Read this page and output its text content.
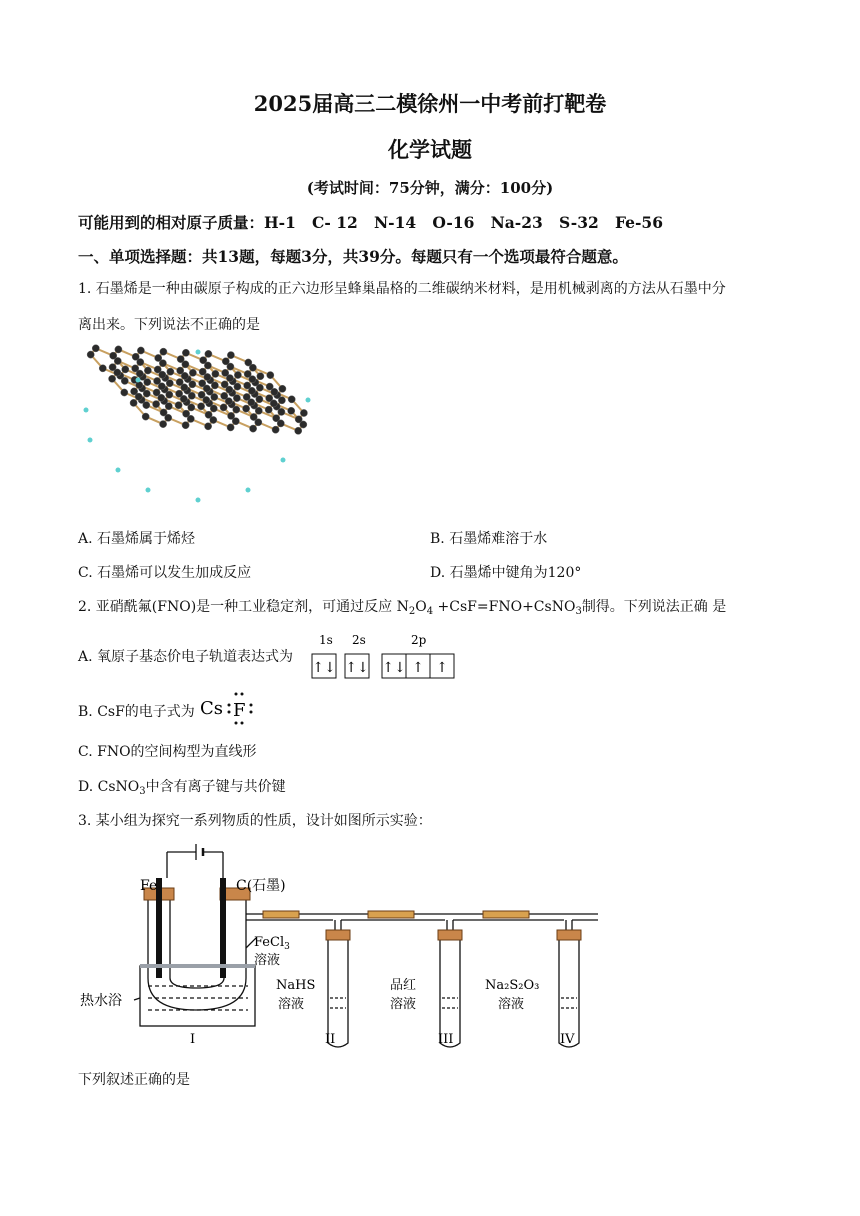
2025届高三二模徐州一中考前打靶卷
化学试题
(考试时间：75分钟，满分：100分)
可能用到的相对原子质量：H-1   C- 12   N-14   O-16   Na-23   S-32   Fe-56
一、单项选择题：共13题，每题3分，共39分。每题只有一个选项最符合题意。
1. 石墨烯是一种由碳原子构成的正六边形呈蜂巢晶格的二维碳纳米材料，是用机械剥离的方法从石墨中分
离出来。下列说法不正确的是
A. 石墨烯属于烯烃	B. 石墨烯难溶于水
C. 石墨烯可以发生加成反应	D. 石墨烯中键角为120°
2. 亚硝酰氟(FNO)是一种工业稳定剂，可通过反应 $N_2O_4$ +CsF=FNO+CsNO$_3$制得。下列说法正确 是
A. 氧原子基态价电子轨道表达式为
1s 2s	2p
↑↓ ↑↓ ↑↓ ↑ ↑
B. CsF的电子式为 Cs F
C. FNO的空间构型为直线形
D. CsNO$_3$中含有离子键与共价键
3. 某小组为探究一系列物质的性质，设计如图所示实验：
Fe	C(石墨)
FeCl$_3$
溶液
热水浴
NaHS
溶液
品红
溶液
Na₂S₂O₃
溶液
I	II	III	IV
下列叙述正确的是
